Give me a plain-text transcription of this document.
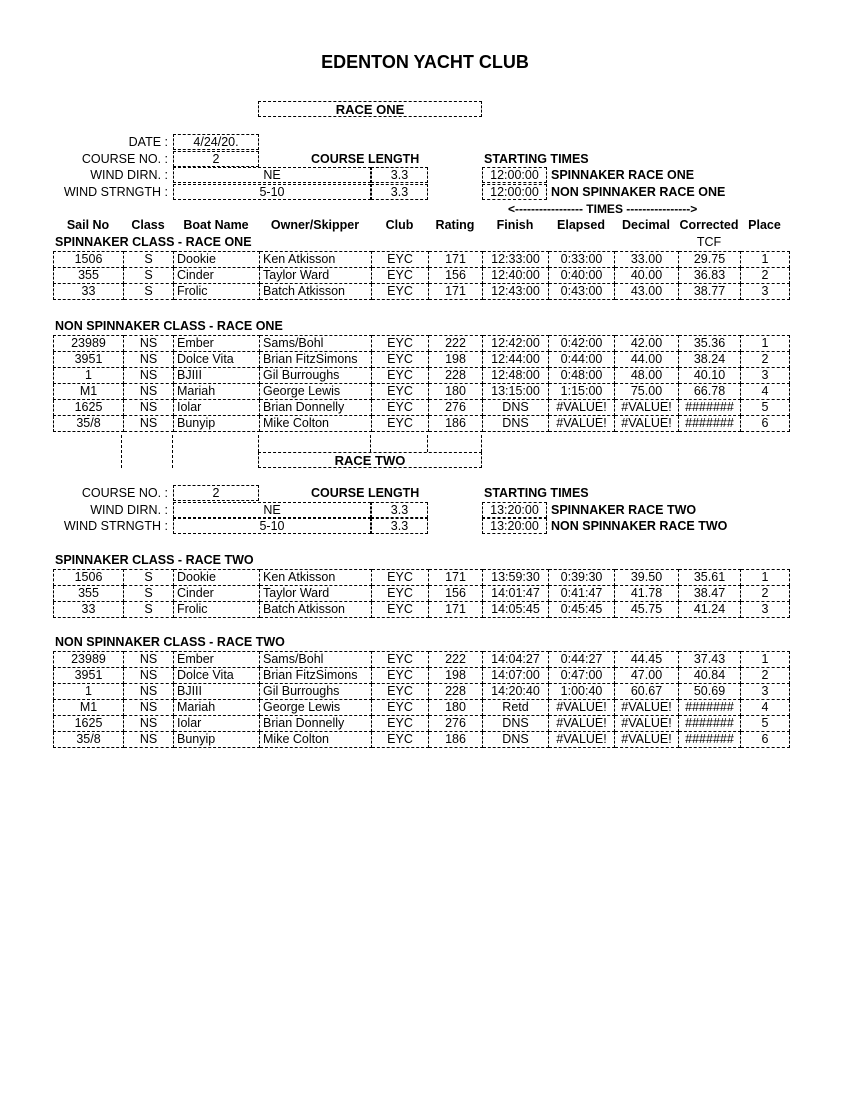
EDENTON YACHT CLUB
RACE ONE
DATE :	4/24/20.
COURSE NO. :	2	COURSE LENGTH
WIND DIRN. :	NE	3.3
WIND STRNGTH :	5-10	3.3
STARTING TIMES
12:00:00 SPINNAKER RACE ONE
12:00:00 NON SPINNAKER RACE ONE
<----------------- TIMES ---------------->
Sail No	Class	Boat Name	Owner/Skipper	Club	Rating	Finish	Elapsed	Decimal Corrected Place
TCF
SPINNAKER CLASS - RACE ONE
1506	S	Dookie	Ken Atkisson	EYC	171	12:33:00	0:33:00	33.00	29.75	1
355	S	Cinder	Taylor Ward	EYC	156	12:40:00	0:40:00	40.00	36.83	2
33	S	Frolic	Batch Atkisson	EYC	171	12:43:00	0:43:00	43.00	38.77	3
NON SPINNAKER CLASS - RACE ONE
23989	NS	Ember	Sams/Bohl	EYC	222	12:42:00	0:42:00	42.00	35.36	1
3951	NS	Dolce Vita	Brian FitzSimons	EYC	198	12:44:00	0:44:00	44.00	38.24	2
1	NS	BJIII	Gil Burroughs	EYC	228	12:48:00	0:48:00	48.00	40.10	3
M1	NS	Mariah	George Lewis	EYC	180	13:15:00	1:15:00	75.00	66.78	4
1625	NS	Iolar	Brian Donnelly	EYC	276	DNS	#VALUE!	#VALUE!	#######	5
35/8	NS	Bunyip	Mike Colton	EYC	186	DNS	#VALUE!	#VALUE!	#######	6
RACE TWO
COURSE NO. :	2	COURSE LENGTH
WIND DIRN. :	NE	3.3
WIND STRNGTH :	5-10	3.3
STARTING TIMES
13:20:00 SPINNAKER RACE TWO
13:20:00 NON SPINNAKER RACE TWO
SPINNAKER CLASS - RACE TWO
1506	S	Dookie	Ken Atkisson	EYC	171	13:59:30	0:39:30	39.50	35.61	1
355	S	Cinder	Taylor Ward	EYC	156	14:01:47	0:41:47	41.78	38.47	2
33	S	Frolic	Batch Atkisson	EYC	171	14:05:45	0:45:45	45.75	41.24	3
NON SPINNAKER CLASS - RACE TWO
23989	NS	Ember	Sams/Bohl	EYC	222	14:04:27	0:44:27	44.45	37.43	1
3951	NS	Dolce Vita	Brian FitzSimons	EYC	198	14:07:00	0:47:00	47.00	40.84	2
1	NS	BJIII	Gil Burroughs	EYC	228	14:20:40	1:00:40	60.67	50.69	3
M1	NS	Mariah	George Lewis	EYC	180	Retd	#VALUE!	#VALUE!	#######	4
1625	NS	Iolar	Brian Donnelly	EYC	276	DNS	#VALUE!	#VALUE!	#######	5
35/8	NS	Bunyip	Mike Colton	EYC	186	DNS	#VALUE!	#VALUE!	#######	6
